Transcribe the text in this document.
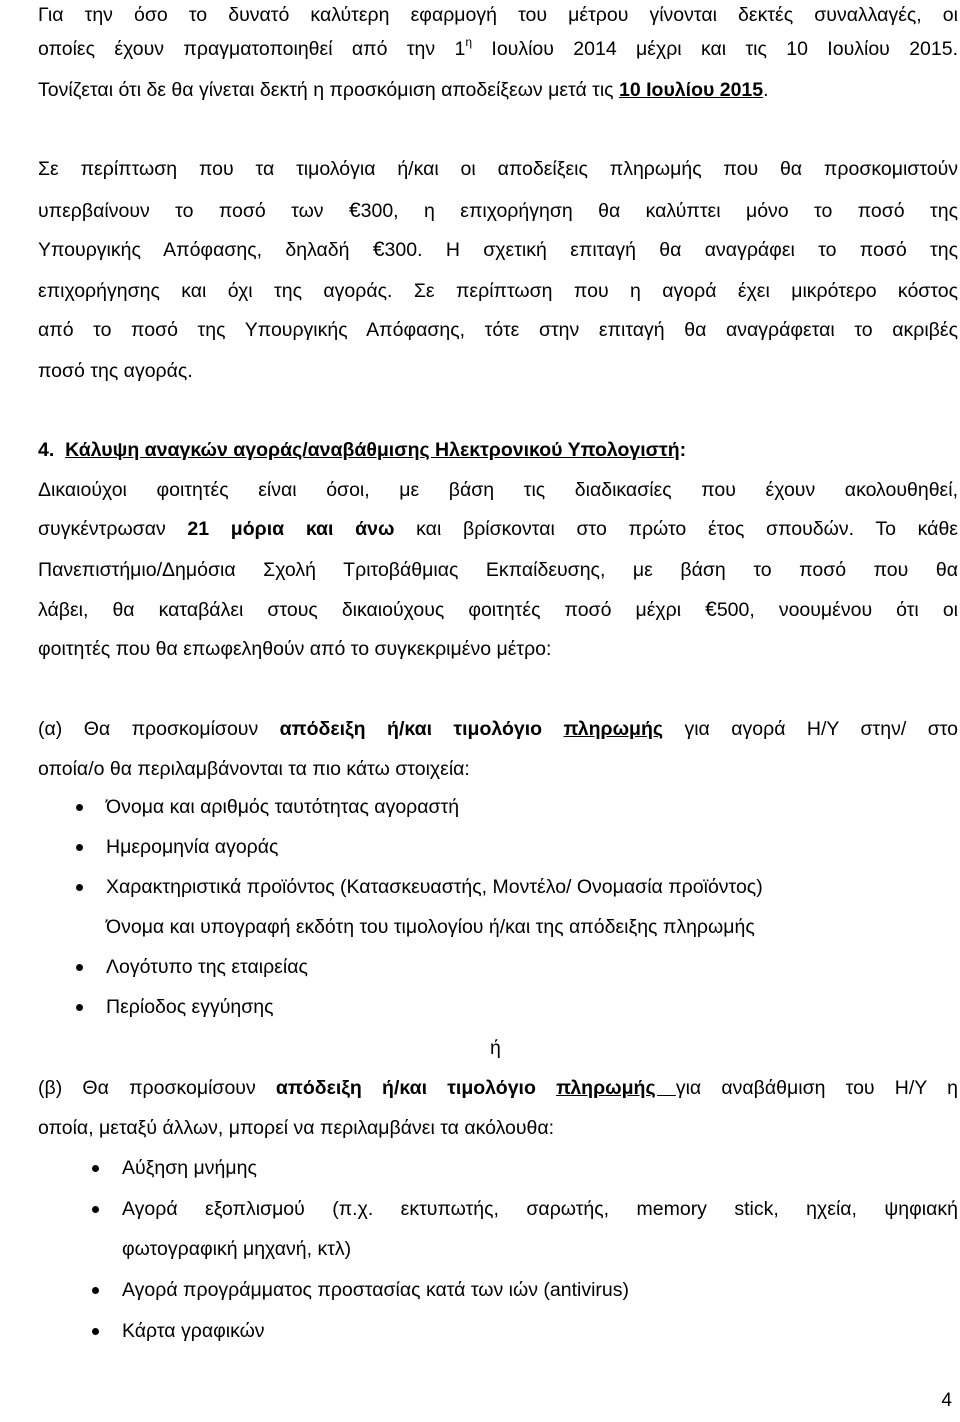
Για την όσο το δυνατό καλύτερη εφαρμογή του μέτρου γίνονται δεκτές συναλλαγές, οι

οποίες έχουν πραγματοποιηθεί από την $1^\eta$ Ιουλίου 2014 μέχρι και τις 10 Ιουλίου 2015.

Τονίζεται ότι δε θα γίνεται δεκτή η προσκόμιση αποδείξεων μετά τις 10 Ιουλίου 2015.

Σε περίπτωση που τα τιμολόγια ή/και οι αποδείξεις πληρωμής που θα προσκομιστούν

υπερβαίνουν το ποσό των €300, η επιχορήγηση θα καλύπτει μόνο το ποσό της

Υπουργικής Απόφασης, δηλαδή €300. Η σχετική επιταγή θα αναγράφει το ποσό της

επιχορήγησης και όχι της αγοράς. Σε περίπτωση που η αγορά έχει μικρότερο κόστος

από το ποσό της Υπουργικής Απόφασης, τότε στην επιταγή θα αναγράφεται το ακριβές

ποσό της αγοράς.

4. Κάλυψη αναγκών αγοράς/αναβάθμισης Ηλεκτρονικού Υπολογιστή:

Δικαιούχοι φοιτητές είναι όσοι, με βάση τις διαδικασίες που έχουν ακολουθηθεί,

συγκέντρωσαν 21 μόρια και άνω και βρίσκονται στο πρώτο έτος σπουδών. Το κάθε

Πανεπιστήμιο/Δημόσια Σχολή Τριτοβάθμιας Εκπαίδευσης, με βάση το ποσό που θα

λάβει, θα καταβάλει στους δικαιούχους φοιτητές ποσό μέχρι €500, νοουμένου ότι οι

φοιτητές που θα επωφεληθούν από το συγκεκριμένο μέτρο:

(α) Θα προσκομίσουν απόδειξη ή/και τιμολόγιο πληρωμής για αγορά Η/Υ στην/ στο

οποία/ο θα περιλαμβάνονται τα πιο κάτω στοιχεία:

Όνομα και αριθμός ταυτότητας αγοραστή
Ημερομηνία αγοράς
Χαρακτηριστικά προϊόντος (Κατασκευαστής, Μοντέλο/ Ονομασία προϊόντος)
Όνομα και υπογραφή εκδότη του τιμολογίου ή/και της απόδειξης πληρωμής
Λογότυπο της εταιρείας
Περίοδος εγγύησης

ή

(β) Θα προσκομίσουν απόδειξη ή/και τιμολόγιο πληρωμής για αναβάθμιση του Η/Υ η

οποία, μεταξύ άλλων, μπορεί να περιλαμβάνει τα ακόλουθα:

Αύξηση μνήμης
Αγορά εξοπλισμού (π.χ. εκτυπωτής, σαρωτής, memory stick, ηχεία, ψηφιακή
φωτογραφική μηχανή, κτλ)
Αγορά προγράμματος προστασίας κατά των ιών (antivirus)
Κάρτα γραφικών
4
